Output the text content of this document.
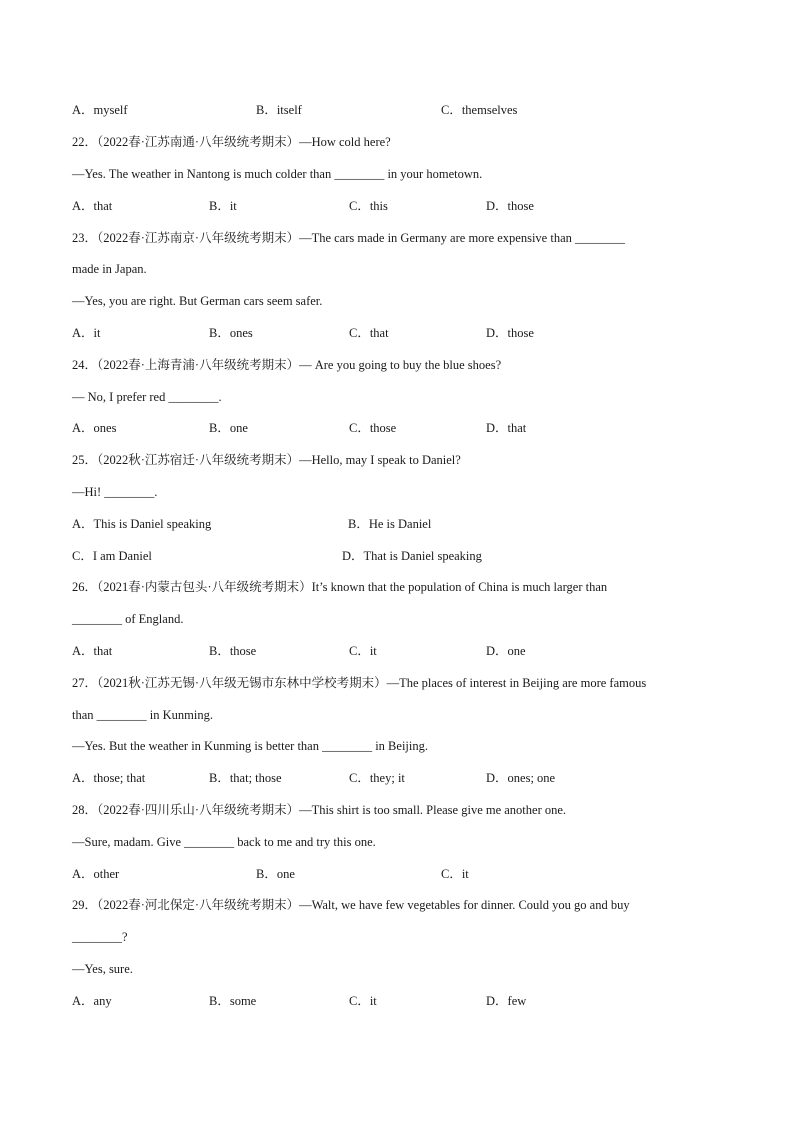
A．myself	B．itself	C．themselves
22．（2022春·江苏南通·八年级统考期末）—How cold here?
—Yes. The weather in Nantong is much colder than ________ in your hometown.
A．that	B．it	C．this	D．those
23．（2022春·江苏南京·八年级统考期末）—The cars made in Germany are more expensive than ________
made in Japan.
—Yes, you are right. But German cars seem safer.
A．it	B．ones	C．that	D．those
24．（2022春·上海青浦·八年级统考期末）— Are you going to buy the blue shoes?
— No, I prefer red ________.
A．ones	B．one	C．those	D．that
25．（2022秋·江苏宿迁·八年级统考期末）—Hello, may I speak to Daniel?
—Hi! ________.
A．This is Daniel speaking	B．He is Daniel
C．I am Daniel	D．That is Daniel speaking
26．（2021春·内蒙古包头·八年级统考期末）It’s known that the population of China is much larger than
________ of England.
A．that	B．those	C．it	D．one
27．（2021秋·江苏无锡·八年级无锡市东林中学校考期末）—The places of interest in Beijing are more famous
than ________ in Kunming.
—Yes. But the weather in Kunming is better than ________ in Beijing.
A．those; that	B．that; those	C．they; it	D．ones; one
28．（2022春·四川乐山·八年级统考期末）—This shirt is too small. Please give me another one.
—Sure, madam. Give ________ back to me and try this one.
A．other	B．one	C．it
29．（2022春·河北保定·八年级统考期末）—Walt, we have few vegetables for dinner. Could you go and buy
________?
—Yes, sure.
A．any	B．some	C．it	D．few
